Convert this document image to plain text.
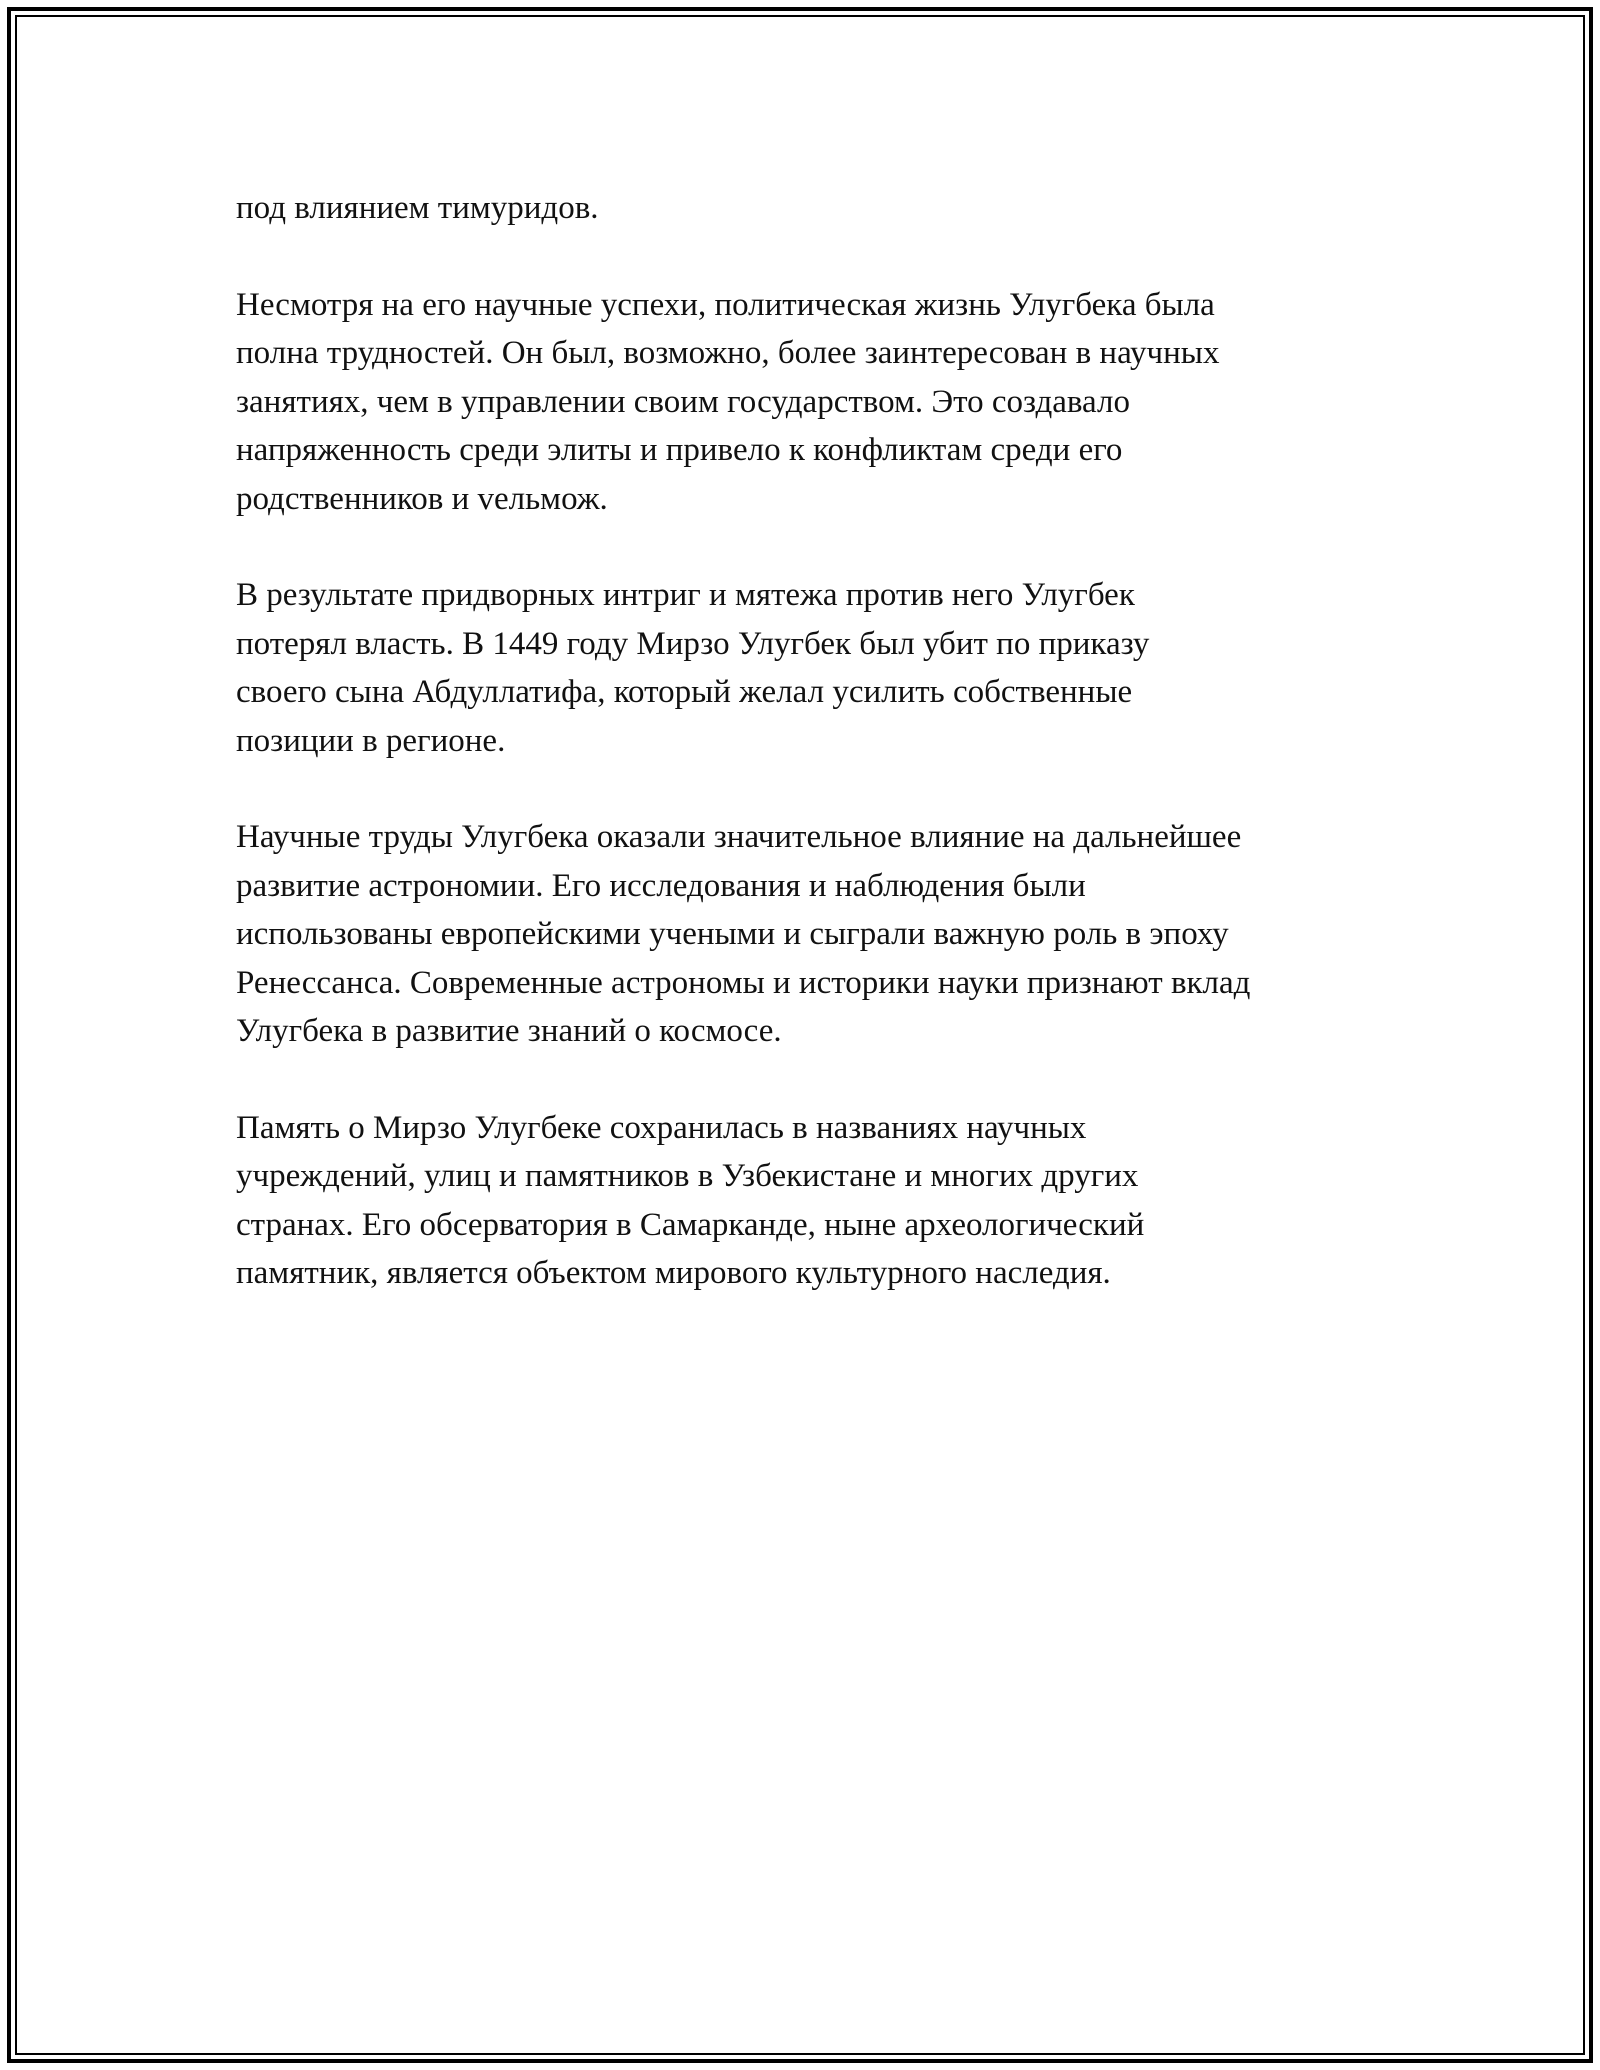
под влиянием тимуридов.

Несмотря на его научные успехи, политическая жизнь Улугбека была
полна трудностей. Он был, возможно, более заинтересован в научных
занятиях, чем в управлении своим государством. Это создавало
напряженность среди элиты и привело к конфликтам среди его
родственников и vельмож.

В результате придворных интриг и мятежа против него Улугбек
потерял власть. В 1449 году Мирзо Улугбек был убит по приказу
своего сына Абдуллатифа, который желал усилить собственные
позиции в регионе.

Научные труды Улугбека оказали значительное влияние на дальнейшее
развитие астрономии. Его исследования и наблюдения были
использованы европейскими учеными и сыграли важную роль в эпоху
Ренессанса. Современные астрономы и историки науки признают вклад
Улугбека в развитие знаний о космосе.

Память о Мирзо Улугбеке сохранилась в названиях научных
учреждений, улиц и памятников в Узбекистане и многих других
странах. Его обсерватория в Самарканде, ныне археологический
памятник, является объектом мирового культурного наследия.
